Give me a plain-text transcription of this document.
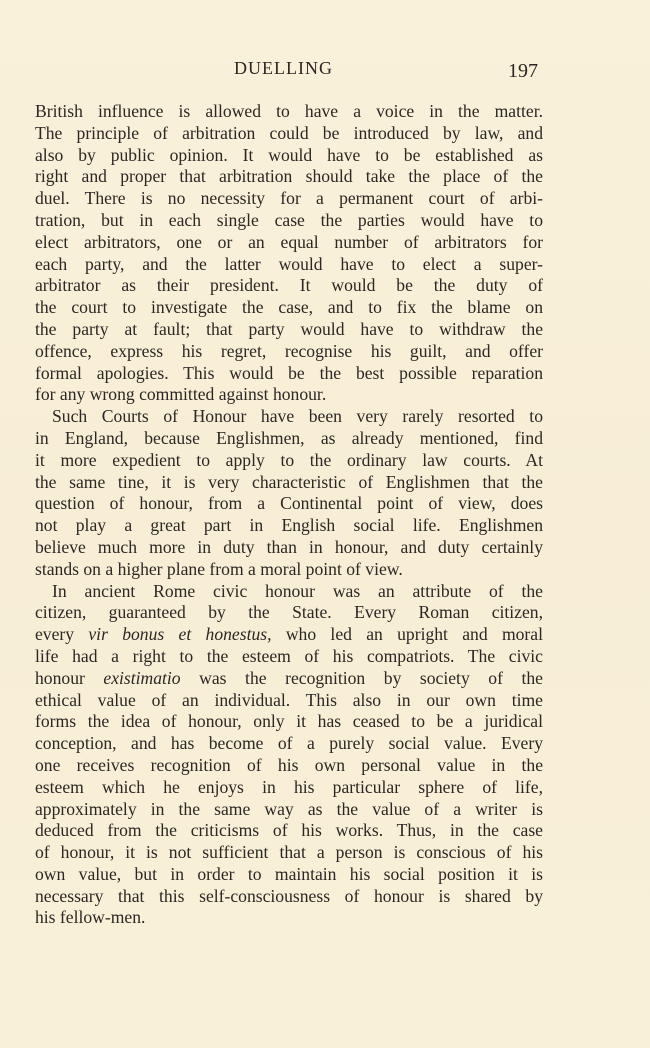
DUELLING	197
British influence is allowed to have a voice in the matter.
The principle of arbitration could be introduced by law, and
also by public opinion. It would have to be established as
right and proper that arbitration should take the place of the
duel. There is no necessity for a permanent court of arbi-
tration, but in each single case the parties would have to
elect arbitrators, one or an equal number of arbitrators for
each party, and the latter would have to elect a super-
arbitrator as their president. It would be the duty of
the court to investigate the case, and to fix the blame on
the party at fault; that party would have to withdraw the
offence, express his regret, recognise his guilt, and offer
formal apologies. This would be the best possible reparation
for any wrong committed against honour.
Such Courts of Honour have been very rarely resorted to
in England, because Englishmen, as already mentioned, find
it more expedient to apply to the ordinary law courts. At
the same tine, it is very characteristic of Englishmen that the
question of honour, from a Continental point of view, does
not play a great part in English social life. Englishmen
believe much more in duty than in honour, and duty certainly
stands on a higher plane from a moral point of view.
In ancient Rome civic honour was an attribute of the
citizen, guaranteed by the State. Every Roman citizen,
every vir bonus et honestus, who led an upright and moral
life had a right to the esteem of his compatriots. The civic
honour existimatio was the recognition by society of the
ethical value of an individual. This also in our own time
forms the idea of honour, only it has ceased to be a juridical
conception, and has become of a purely social value. Every
one receives recognition of his own personal value in the
esteem which he enjoys in his particular sphere of life,
approximately in the same way as the value of a writer is
deduced from the criticisms of his works. Thus, in the case
of honour, it is not sufficient that a person is conscious of his
own value, but in order to maintain his social position it is
necessary that this self-consciousness of honour is shared by
his fellow-men.
